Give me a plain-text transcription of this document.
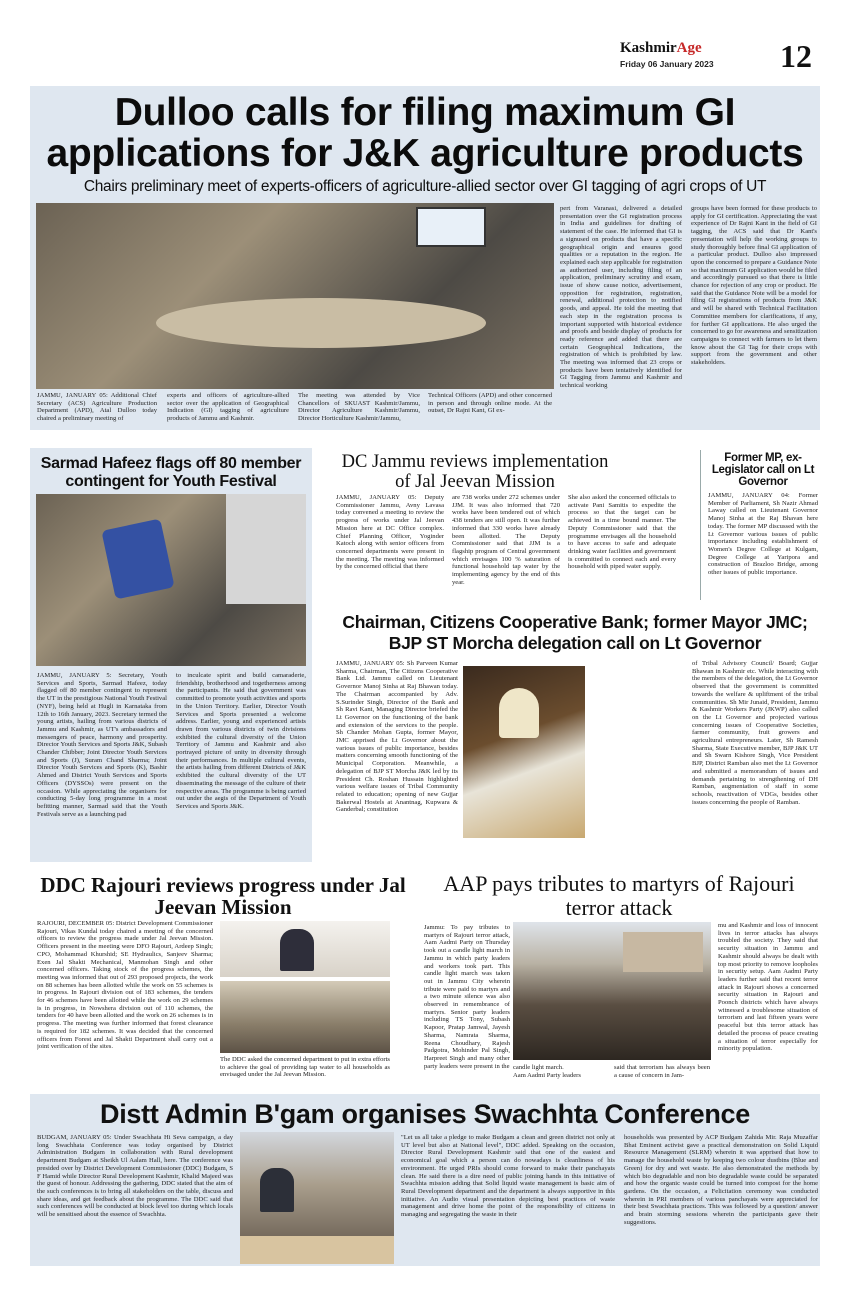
KashmirAge
Friday 06 January 2023 12
Dulloo calls for filing maximum GI applications for J&K agriculture products
Chairs preliminary meet of experts-officers of agriculture-allied sector over GI tagging of agri crops of UT
JAMMU, JANUARY 05: Additional Chief Secretary (ACS) Agriculture Production Department (APD), Atal Dulloo today chaired a preliminary meeting of
experts and officers of agriculture-allied sector over the application of Geographical Indication (GI) tagging of agriculture products of Jammu and Kashmir.
The meeting was attended by Vice Chancellors of SKUAST Kashmir/Jammu, Director Agriculture Kashmir/Jammu, Director Horticulture Kashmir/Jammu,
Technical Officers (APD) and other concerned in person and through online mode. At the outset, Dr Rajni Kant, GI ex-
pert from Varanasi, delivered a detailed presentation over the GI registration process in India and guidelines for drafting of statement of the case. He informed that GI is a signused on products that have a specific geographical origin and ensures good qualities or a reputation in the region. He explained each step applicable for registration as authorized user, including filing of an application, preliminary scrutiny and exam, issue of show cause notice, advertisement, opposition for registration, registration, renewal, additional protection to notified goods, and appeal. He told the meeting that each step in the registration process is important supported with historical evidence and proofs and beside display of products for ready reference and added that there are certain Geographical Indications, the registration of which is prohibited by law. The meeting was informed that 23 crops or products have been tentatively identified for GI Tagging from Jammu and Kashmir and technical working
groups have been formed for these products to apply for GI certification. Appreciating the vast experience of Dr Rajni Kant in the field of GI tagging, the ACS said that Dr Kant's presentation will help the working groups to study thoroughly before final GI application of a particular product. Dulloo also impressed upon the concerned to prepare a Guidance Note so that maximum GI application would be filed and accordingly pursued so that there is little chance for rejection of any crop or product. He said that the Guidance Note will be a model for filing GI registrations of products from J&K and will be shared with Technical Facilitation Committee members for clarifications, if any, for further GI applications. He also urged the concerned to go for awareness and sensitization campaigns to connect with farmers to let them know about the GI Tag for their crops with support from the government and other stakeholders.
Sarmad Hafeez flags off 80 member contingent for Youth Festival
JAMMU, JANUARY 5: Secretary, Youth Services and Sports, Sarmad Hafeez, today flagged off 80 member contingent to represent the UT in the prestigious National Youth Festival (NYF), being held at Hugli in Karnataka from 12th to 16th January, 2023. Secretary termed the young artists, hailing from various districts of Jammu and Kashmir, as UT's ambassadors and messengers of peace, harmony and prosperity. Director Youth Services and Sports J&K, Subash Chander Chibber; Joint Director Youth Services and Sports (J), Suram Chand Sharma; Joint Director Youth Services and Sports (K), Bashir Ahmed and District Youth Services and Sports Officers (DYSSOs) were present on the occasion. While appreciating the organisers for conducting 5-day long programme in a most befitting manner, Sarmad said that the Youth Festivals serve as a launching pad
to inculcate spirit and build camaraderie, friendship, brotherhood and togetherness among the participants. He said that government was committed to promote youth activities and sports in the Union Territory. Earlier, Director Youth Services and Sports presented a welcome address. Earlier, young and experienced artists drawn from various districts of twin divisions exhibited the cultural diversity of the Union Territory of Jammu and Kashmir and also portrayed picture of unity in diversity through their performances. In multiple cultural events, the artists hailing from different Districts of J&K exhibited the cultural diversity of the UT disseminating the message of the culture of their respective areas. The programme is being carried out under the aegis of the Department of Youth Services and Sports J&K.
DC Jammu reviews implementation of Jal Jeevan Mission
JAMMU, JANUARY 05: Deputy Commissioner Jammu, Avny Lavasa today convened a meeting to review the progress of works under Jal Jeevan Mission here at DC Office complex. Chief Planning Officer, Yoginder Katoch along with senior officers from concerned departments were present in the meeting. The meeting was informed by the concerned official that there
are 738 works under 272 schemes under JJM. It was also informed that 720 works have been tendered out of which 438 tenders are still open. It was further informed that 330 works have already been allotted. The Deputy Commissioner said that JJM is a flagship program of Central government which envisages 100 % saturation of functional household tap water by the implementing agency by the end of this year.
She also asked the concerned officials to activate Pani Samitis to expedite the process so that the target can be achieved in a time bound manner. The Deputy Commissioner said that the programme envisages all the household to have access to safe and adequate drinking water facilities and government is committed to connect each and every household with piped water supply.
Former MP, ex-Legislator call on Lt Governor
JAMMU, JANUARY 04: Former Member of Parliament, Sh Nazir Ahmad Laway called on Lieutenant Governor Manoj Sinha at the Raj Bhavan here today. The former MP discussed with the Lt Governor various issues of public importance including establishment of Women's Degree College at Kulgam, Degree College at Yaripora and construction of Brazloo Bridge, among other issues of public importance.
Chairman, Citizens Cooperative Bank; former Mayor JMC; BJP ST Morcha delegation call on Lt Governor
JAMMU, JANUARY 05: Sh Parveen Kumar Sharma, Chairman, The Citizens Cooperative Bank Ltd. Jammu called on Lieutenant Governor Manoj Sinha at Raj Bhawan today. The Chairman accompanied by Adv. S.Surinder Singh, Director of the Bank and Sh Ravi Kant, Managing Director briefed the Lt Governor on the functioning of the bank and extension of the services to the people. Sh Chander Mohan Gupta, former Mayor, JMC apprised the Lt Governor about the various issues of public importance, besides matters concerning smooth functioning of the Municipal Corporation. Meanwhile, a delegation of BJP ST Morcha J&K led by its President Ch. Roshan Hussain highlighted various welfare issues of Tribal Community related to education; opening of new Gujjar Bakerwal Hostels at Anantnag, Kupwara & Ganderbal; constitution
of Tribal Advisory Council/ Board; Gujjar Bhawan in Kashmir etc. While interacting with the members of the delegation, the Lt Governor observed that the government is committed towards the welfare & upliftment of the tribal communities. Sh Mir Junaid, President, Jammu & Kashmir Workers Party (JKWP) also called on the Lt Governor and projected various concerning issues of Cooperative Societies, farmer community, fruit growers and agricultural entrepreneurs. Later, Sh Ramesh Sharma, State Executive member, BJP J&K UT and Sh Swarn Kishore Singh, Vice President BJP, District Ramban also met the Lt Governor and submitted a memorandum of issues and demands pertaining to strengthening of DH Ramban, augmentation of staff in some schools, reactivation of VDGs, besides other issues concerning the people of Ramban.
DDC Rajouri reviews progress under Jal Jeevan Mission
RAJOURI, DECEMBER 05: District Development Commissioner Rajouri, Vikas Kundal today chaired a meeting of the concerned officers to review the progress made under Jal Jeevan Mission. Officers present in the meeting were DFO Rajouri, Ardeep Singh; CPO, Mohammad Khurshid; SE Hydraulics, Sanjeev Sharma; Exen Jal Shakti Mechanical, Manmohan Singh and other concerned officers. Taking stock of the progress schemes, the meeting was informed that out of 293 proposed projects, the work on 88 schemes has been allotted while the work on 55 schemes is in progress. In Rajouri division out of 183 schemes, the tenders for 46 schemes have been allotted while the work on 29 schemes is in progress, in Nowshera division out of 110 schemes, the tenders for 40 have been allotted and the work on 26 schemes is in progress. The meeting was further informed that forest clearance is required for 182 schemes. It was decided that the concerned officers from Forest and Jal Shakti Department shall carry out a joint verification of the sites.
The DDC asked the concerned department to put in extra efforts to achieve the goal of providing tap water to all households as envisaged under the Jal Jeevan Mission.
AAP pays tributes to martyrs of Rajouri terror attack
Jammu: To pay tributes to martyrs of Rajouri terror attack, Aam Aadmi Party on Thursday took out a candle light march in Jammu in which party leaders and workers took part. This candle light march was taken out in Jammu City wherein tribute were paid to martyrs and a two minute silence was also observed in remembrance of martyrs. Senior party leaders including TS Tony, Subash Kapoor, Pratap Jamwal, Jayesh Sharma, Namrata Sharma, Reena Choudhary, Rajesh Padgotra, Mohinder Pal Singh, Harpreet Singh and many other party leaders were present in the candle light march.
Aam Aadmi Party leaders
said that terrorism has always been a cause of concern in Jam-
mu and Kashmir and loss of innocent lives in terror attacks has always troubled the society. They said that security situation in Jammu and Kashmir should always be dealt with top most priority to remove loopholes in security setup. Aam Aadmi Party leaders further said that recent terror attack in Rajouri shows a concerned security situation in Rajouri and Poonch districts which have always witnessed a troublesome situation of terrorism and last fifteen years were peaceful but this terror attack has detailed the process of peace creating a situation of terror especially for minority population.
Distt Admin B'gam organises Swachhta Conference
BUDGAM, JANUARY 05: Under Swachhata Hi Seva campaign, a day long Swachhata Conference was today organised by District Administration Budgam in collaboration with Rural development department Budgam at Sheikh Ul Aalam Hall, here. The conference was presided over by District Development Commissioner (DDC) Budgam, S F Hamid while Director Rural Development Kashmir, Khalid Majeed was the guest of honour. Addressing the gathering, DDC stated that the aim of the such conferences is to bring all stakeholders on the table, discuss and share ideas, and get feedback about the programme. The DDC said that such conferences will be conducted at block level too during which locals will be sensitised about the essence of Swachhta.
"Let us all take a pledge to make Budgam a clean and green district not only at UT level but also at National level", DDC added. Speaking on the occasion, Director Rural Development Kashmir said that one of the easiest and economical goal which a person can do nowadays is cleanliness of his environment. He urged PRIs should come forward to make their panchayats clean. He said there is a dire need of public joining hands in this initiative of Swachhta mission adding that Solid liquid waste management is basic aim of Rural Development department and the department is always supportive in this initiative. An Audio visual presentation depicting best practices of waste management and drive home the point of the responsibility of citizens in managing and segregating the waste in their
households was presented by ACP Budgam Zahida Mir. Raja Muzaffar Bhat Eminent activist gave a practical demonstration on Solid Liquid Resource Management (SLRM) wherein it was apprised that how to manage the household waste by keeping two colour dustbins (Blue and Green) for dry and wet waste. He also demonstrated the methods by which bio degradable and non bio degradable waste could be separated and how the organic waste could be turned into compost for the home gardens. On the occasion, a Felicitation ceremony was conducted wherein in PRI members of various panchayats were appreciated for their best Swachhata practices. This was followed by a question/ answer and brain storming sessions wherein the participants gave their suggestions.
